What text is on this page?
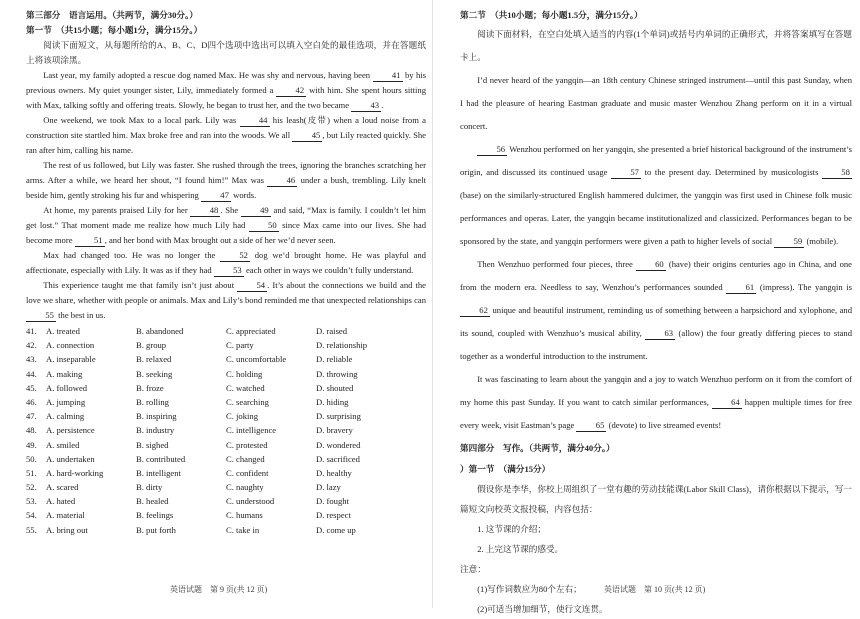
第三部分　语言运用。（共两节，满分30分。）
第一节　（共15小题；每小题1分，满分15分。）

阅读下面短文，从每题所给的A、B、C、D四个选项中选出可以填入空白处的最佳选项，并在答题纸上将该项涂黑。

Last year, my family adopted a rescue dog named Max. He was shy and nervous, having been 41 by his previous owners. My quiet younger sister, Lily, immediately formed a 42 with him. She spent hours sitting with Max, talking softly and offering treats. Slowly, he began to trust her, and the two became 43 .

One weekend, we took Max to a local park. Lily was 44 his leash(皮带) when a loud noise from a construction site startled him. Max broke free and ran into the woods. We all 45 , but Lily reacted quickly. She ran after him, calling his name.

The rest of us followed, but Lily was faster. She rushed through the trees, ignoring the branches scratching her arms. After a while, we heard her shout, “I found him!” Max was 46 under a bush, trembling. Lily knelt beside him, gently stroking his fur and whispering 47 words.

At home, my parents praised Lily for her 48 . She 49 and said, “Max is family. I couldn’t let him get lost.” That moment made me realize how much Lily had 50 since Max came into our lives. She had become more 51 , and her bond with Max brought out a side of her we’d never seen.

Max had changed too. He was no longer the 52 dog we’d brought home. He was playful and affectionate, especially with Lily. It was as if they had 53 each other in ways we couldn’t fully understand.

This experience taught me that family isn’t just about 54 . It’s about the connections we build and the love we share, whether with people or animals. Max and Lily’s bond reminded me that unexpected relationships can 55 the best in us.

41.	A. treated	B. abandoned	C. appreciated	D. raised
42.	A. connection	B. group	C. party	D. relationship
43.	A. inseparable	B. relaxed	C. uncomfortable	D. reliable
44.	A. making	B. seeking	C. holding	D. throwing
45.	A. followed	B. froze	C. watched	D. shouted
46.	A. jumping	B. rolling	C. searching	D. hiding
47.	A. calming	B. inspiring	C. joking	D. surprising
48.	A. persistence	B. industry	C. intelligence	D. bravery
49.	A. smiled	B. sighed	C. protested	D. wondered
50.	A. undertaken	B. contributed	C. changed	D. sacrificed
51.	A. hard-working	B. intelligent	C. confident	D. healthy
52.	A. scared	B. dirty	C. naughty	D. lazy
53.	A. hated	B. healed	C. understood	D. fought
54.	A. material	B. feelings	C. humans	D. respect
55.	A. bring out	B. put forth	C. take in	D. come up
英语试题　第 9 页(共 12 页)
第二节　（共10小题；每小题1.5分，满分15分。）

阅读下面材料，在空白处填入适当的内容(1个单词)或括号内单词的正确形式，并将答案填写在答题卡上。

I’d never heard of the yangqin—an 18th century Chinese stringed instrument—until this past Sunday, when I had the pleasure of hearing Eastman graduate and music master Wenzhou Zhang perform on it in a virtual concert.

56 Wenzhou performed on her yangqin, she presented a brief historical background of the instrument’s origin, and discussed its continued usage 57 to the present day. Determined by musicologists 58 (base) on the similarly-structured English hammered dulcimer, the yangqin was first used in Chinese folk music performances and operas. Later, the yangqin became institutionalized and classicized. Performances began to be sponsored by the state, and yangqin performers were given a path to higher levels of social 59 (mobile).

Then Wenzhuo performed four pieces, three 60 (have) their origins centuries ago in China, and one from the modern era. Needless to say, Wenzhou’s performances sounded 61 (impress). The yangqin is 62 unique and beautiful instrument, reminding us of something between a harpsichord and xylophone, and its sound, coupled with Wenzhuo’s musical ability, 63 (allow) the four greatly differing pieces to stand together as a wonderful introduction to the instrument.

It was fascinating to learn about the yangqin and a joy to watch Wenzhuo perform on it from the comfort of my home this past Sunday. If you want to catch similar performances, 64 happen multiple times for free every week, visit Eastman’s page 65 (devote) to live streamed events!

第四部分　写作。（共两节，满分40分。）
）第一节　（满分15分）

假设你是李华，你校上周组织了一堂有趣的劳动技能课(Labor Skill Class)，请你根据以下提示，写一篇短文向校英文报投稿，内容包括：

1. 这节课的介绍；

2. 上完这节课的感受。

注意：

(1)写作词数应为80个左右；

(2)可适当增加细节，使行文连贯。

英语试题　第 10 页(共 12 页)
